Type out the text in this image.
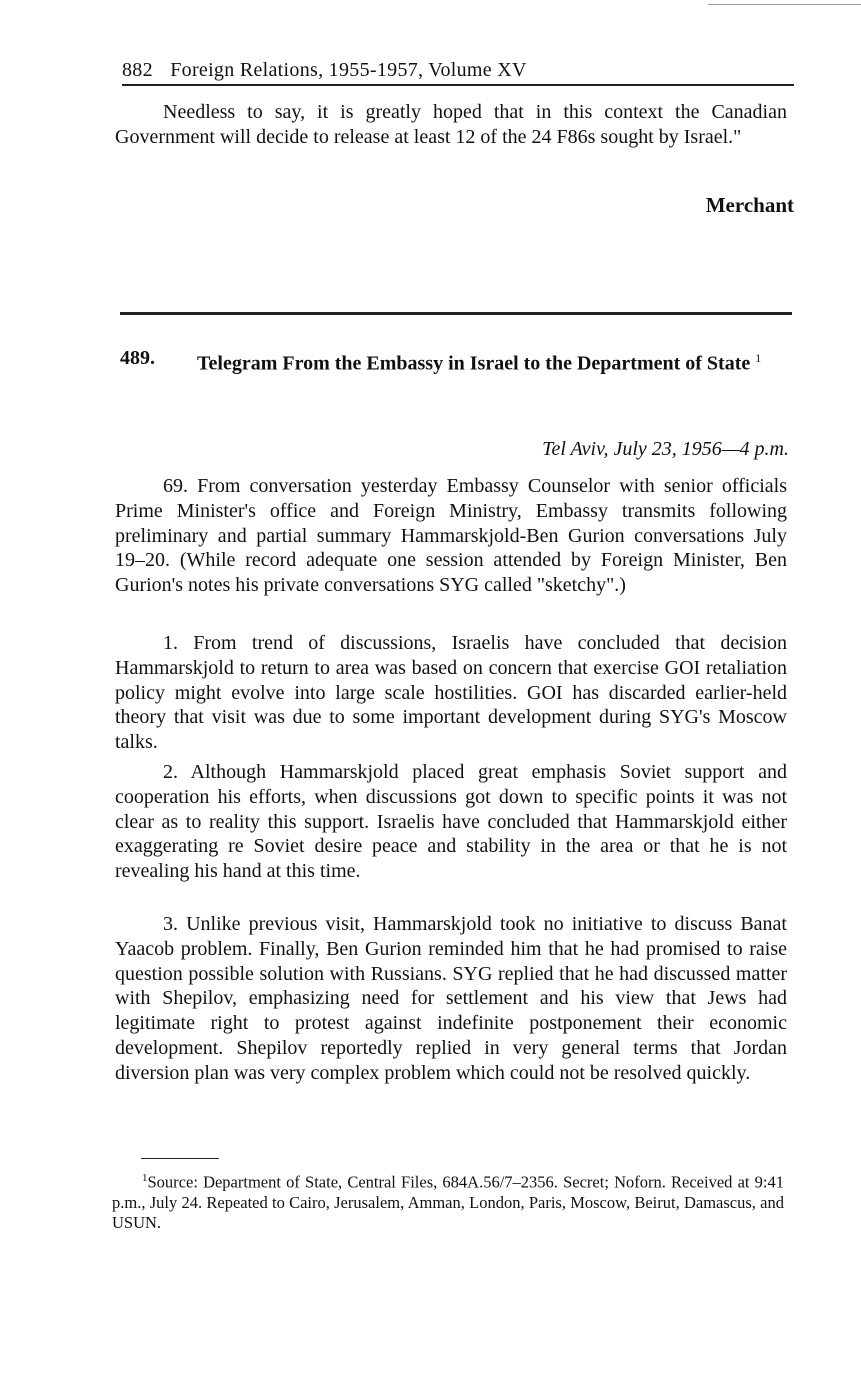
882 Foreign Relations, 1955-1957, Volume XV

Needless to say, it is greatly hoped that in this context the Canadian Government will decide to release at least 12 of the 24 F86s sought by Israel."

Merchant
489. Telegram From the Embassy in Israel to the Department of State $^1$
Tel Aviv, July 23, 1956—4 p.m.

69. From conversation yesterday Embassy Counselor with senior officials Prime Minister's office and Foreign Ministry, Embassy transmits following preliminary and partial summary Hammarskjold-Ben Gurion conversations July 19–20. (While record adequate one session attended by Foreign Minister, Ben Gurion's notes his private conversations SYG called "sketchy".)

1. From trend of discussions, Israelis have concluded that decision Hammarskjold to return to area was based on concern that exercise GOI retaliation policy might evolve into large scale hostilities. GOI has discarded earlier-held theory that visit was due to some important development during SYG's Moscow talks.

2. Although Hammarskjold placed great emphasis Soviet support and cooperation his efforts, when discussions got down to specific points it was not clear as to reality this support. Israelis have concluded that Hammarskjold either exaggerating re Soviet desire peace and stability in the area or that he is not revealing his hand at this time.

3. Unlike previous visit, Hammarskjold took no initiative to discuss Banat Yaacob problem. Finally, Ben Gurion reminded him that he had promised to raise question possible solution with Russians. SYG replied that he had discussed matter with Shepilov, emphasizing need for settlement and his view that Jews had legitimate right to protest against indefinite postponement their economic development. Shepilov reportedly replied in very general terms that Jordan diversion plan was very complex problem which could not be resolved quickly.

$^1$Source: Department of State, Central Files, 684A.56/7–2356. Secret; Noforn. Received at 9:41 p.m., July 24. Repeated to Cairo, Jerusalem, Amman, London, Paris, Moscow, Beirut, Damascus, and USUN.
